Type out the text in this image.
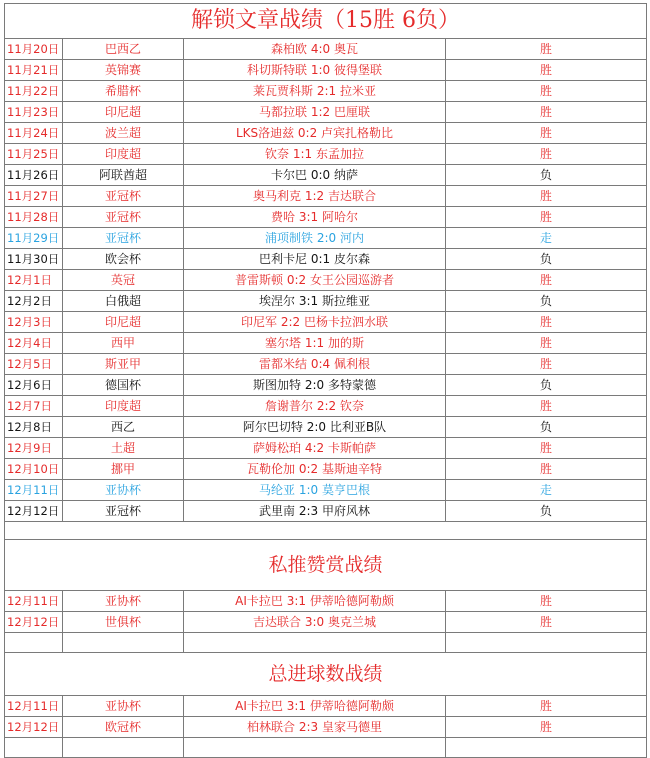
解锁文章战绩（15胜 6负）			
11月20日	巴西乙	森柏欧 4:0 奥瓦	胜
11月21日	英锦赛	科切斯特联 1:0 彼得堡联	胜
11月22日	希腊杯	莱瓦贾科斯 2:1 拉米亚	胜
11月23日	印尼超	马都拉联 1:2 巴厘联	胜
11月24日	波兰超	LKS洛迪兹 0:2 卢宾扎格勒比	胜
11月25日	印度超	钦奈 1:1 东孟加拉	胜
11月26日	阿联酋超	卡尔巴 0:0 纳萨	负
11月27日	亚冠杯	奥马利克 1:2 吉达联合	胜
11月28日	亚冠杯	费哈 3:1 阿哈尔	胜
11月29日	亚冠杯	浦项制铁 2:0 河内	走
11月30日	欧会杯	巴利卡尼 0:1 皮尔森	负
12月1日	英冠	普雷斯顿 0:2 女王公园巡游者	胜
12月2日	白俄超	埃涅尔 3:1 斯拉维亚	负
12月3日	印尼超	印尼军 2:2 巴杨卡拉泗水联	胜
12月4日	西甲	塞尔塔 1:1 加的斯	胜
12月5日	斯亚甲	雷都米结 0:4 佩利根	胜
12月6日	德国杯	斯图加特 2:0 多特蒙德	负
12月7日	印度超	詹谢普尔 2:2 钦奈	胜
12月8日	西乙	阿尔巴切特 2:0 比利亚B队	负
12月9日	土超	萨姆松珀 4:2 卡斯帕萨	胜
12月10日	挪甲	瓦勒伦加 0:2 基斯迪辛特	胜
12月11日	亚协杯	马纶亚 1:0 莫亨巴根	走
12月12日	亚冠杯	武里南 2:3 甲府风林	负

私推赞赏战绩			
12月11日	亚协杯	AI卡拉巴 3:1 伊蒂哈德阿勒颇	胜
12月12日	世俱杯	吉达联合 3:0 奥克兰城	胜

总进球数战绩			
12月11日	亚协杯	AI卡拉巴 3:1 伊蒂哈德阿勒颇	胜
12月12日	欧冠杯	柏林联合 2:3 皇家马德里	胜
